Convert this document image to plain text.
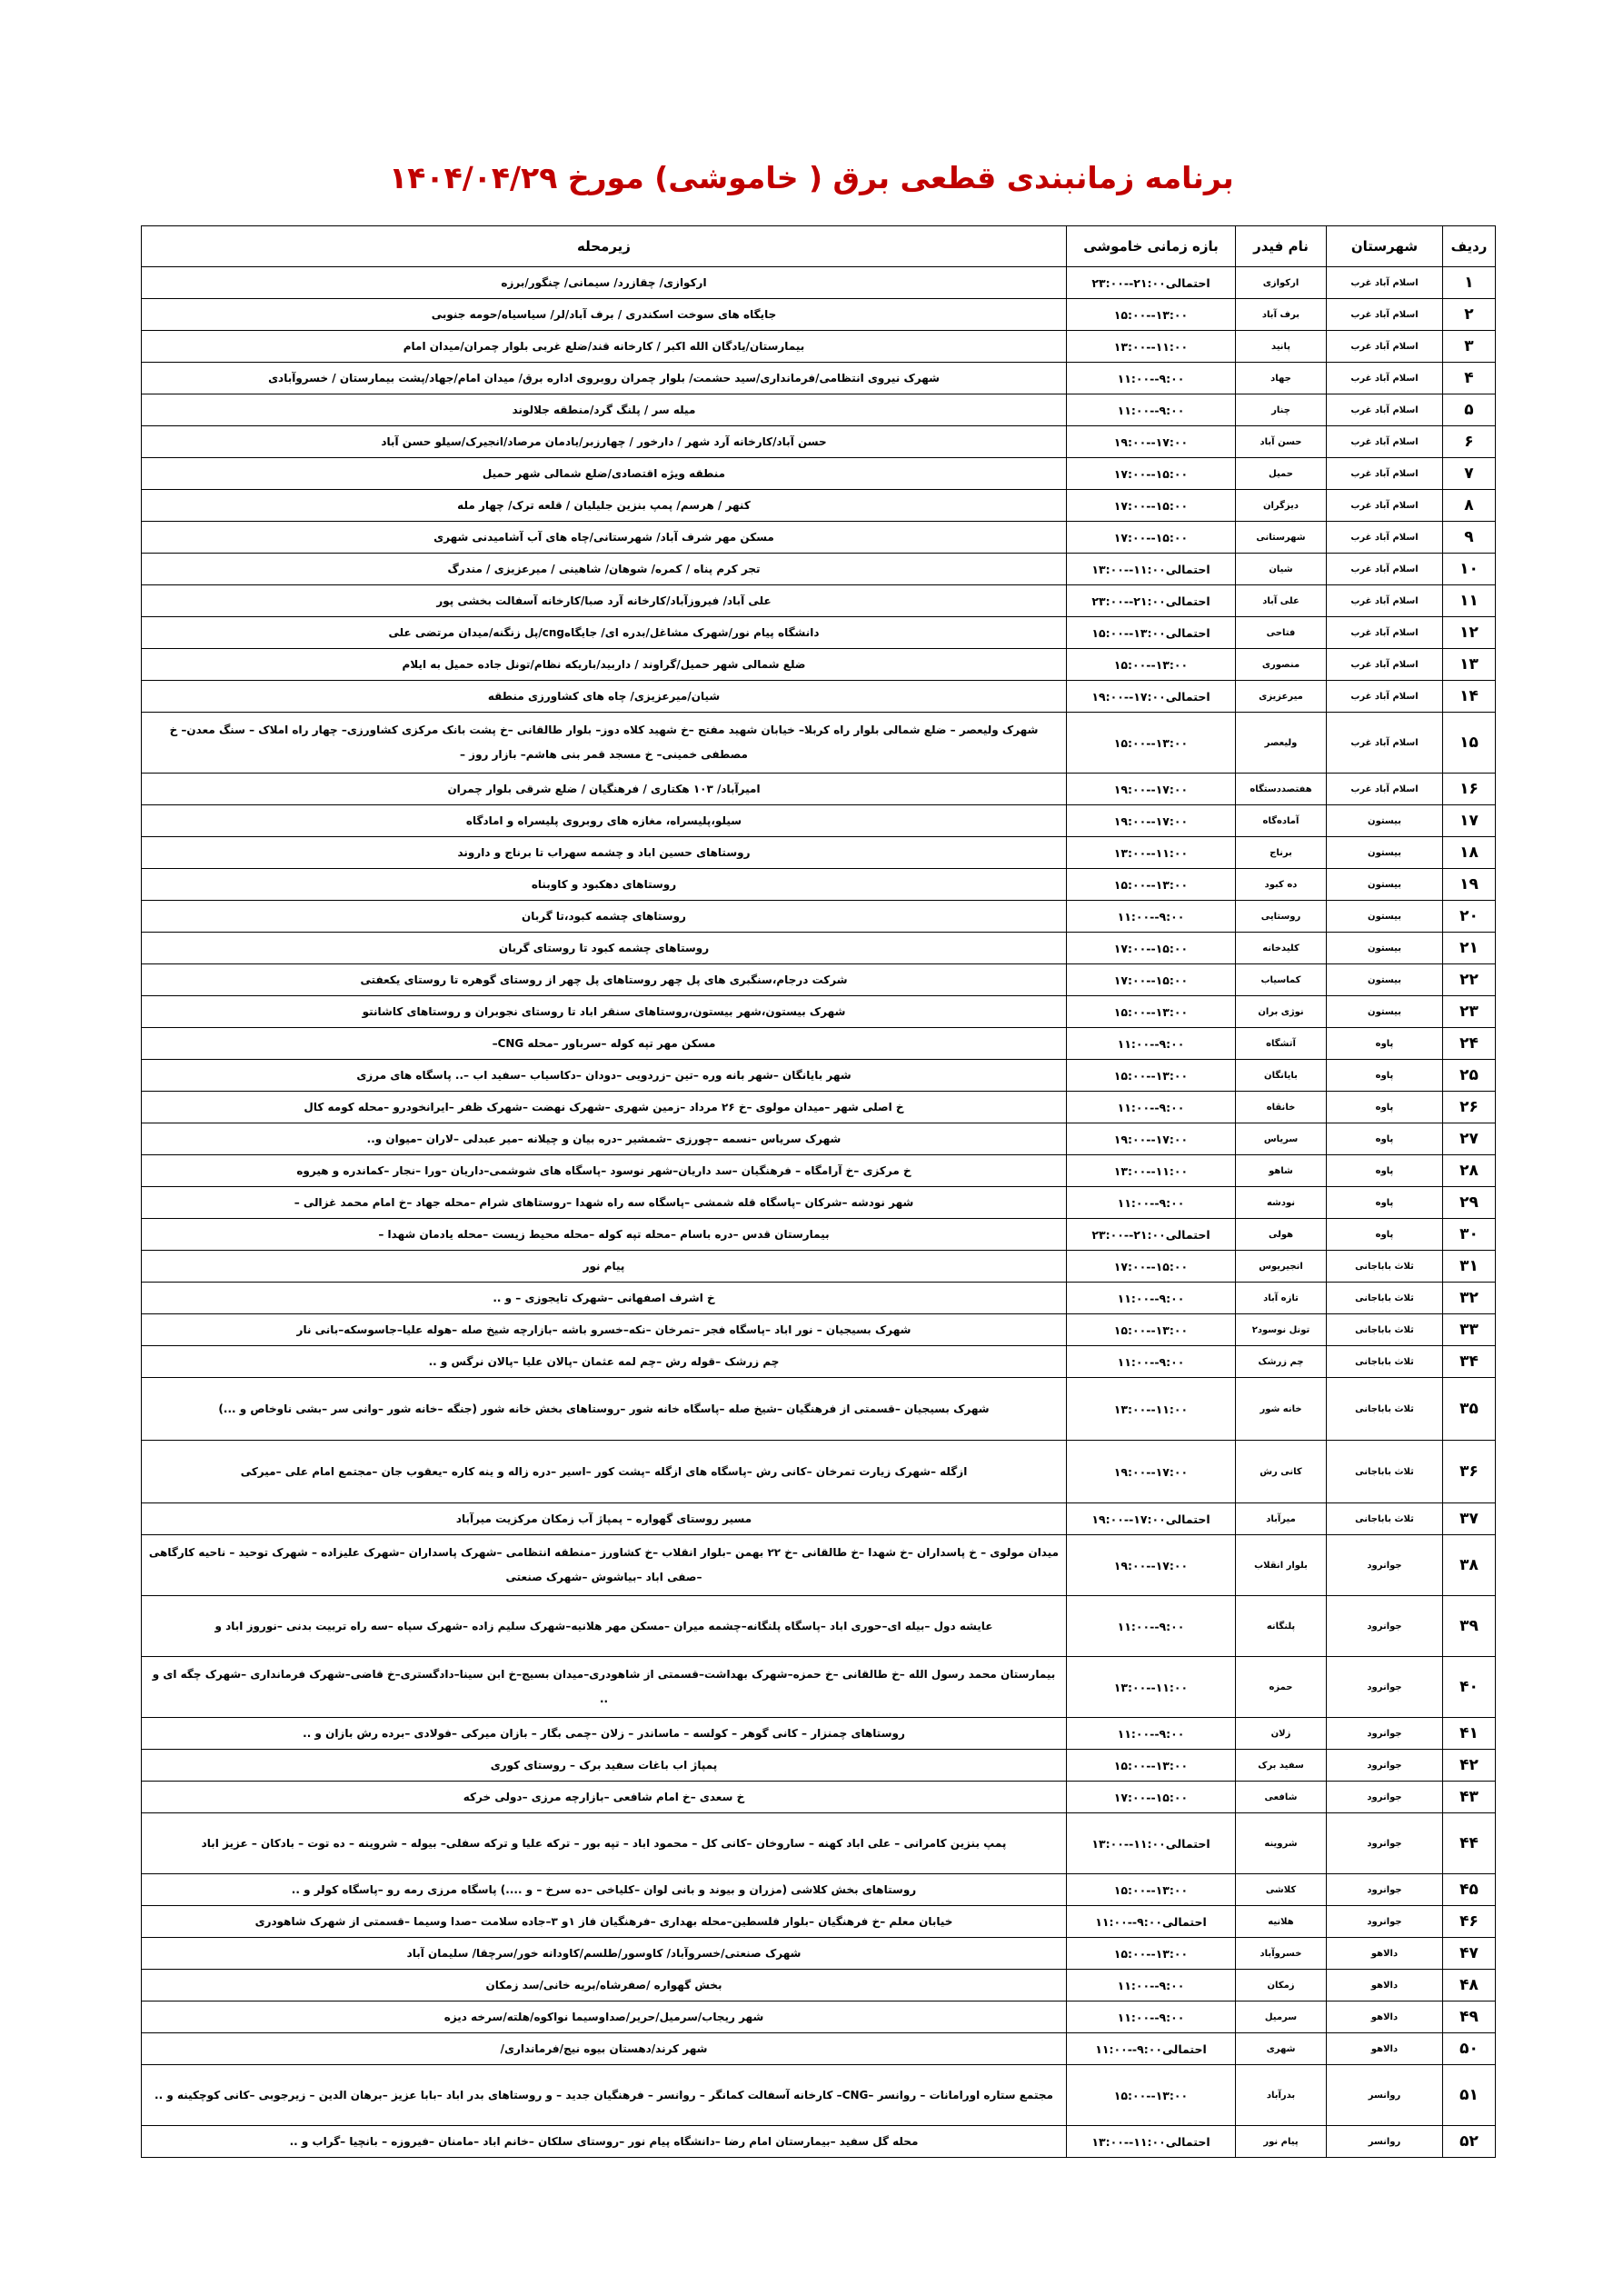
برنامه زمانبندی قطعی برق ( خاموشی) مورخ ۱۴۰۴/۰۴/۲۹
ردیف	شهرستان	نام فیدر	بازه زمانی خاموشی	زیرمحله
۱	اسلام آباد غرب	ارکوازی	۲۳:۰۰--۲۱:۰۰احتمالی	ارکوازی/ چقازرد/ سیمانی/ چنگور/برزه
۲	اسلام آباد غرب	برف آباد	۱۵:۰۰--۱۳:۰۰	جایگاه های سوخت اسکندری / برف آباد/لر/ سیاسیاه/حومه جنوبی
۳	اسلام آباد غرب	پانید	۱۳:۰۰--۱۱:۰۰	بیمارستان/یادگان الله اکبر / کارخانه قند/ضلع غربی بلوار چمران/میدان امام
۴	اسلام آباد غرب	جهاد	۱۱:۰۰--۹:۰۰	شهرک نیروی انتظامی/فرمانداری/سید حشمت/ بلوار چمران روبروی اداره برق/ میدان امام/جهاد/پشت بیمارستان / خسروآبادی
۵	اسلام آباد غرب	چنار	۱۱:۰۰--۹:۰۰	میله سر / پلنگ گرد/منطقه جلالوند
۶	اسلام آباد غرب	حسن آباد	۱۹:۰۰--۱۷:۰۰	حسن آباد/کارخانه آرد شهر / دارخور / چهارزبر/یادمان مرصاد/انجیرک/سیلو حسن آباد
۷	اسلام آباد غرب	حمیل	۱۷:۰۰--۱۵:۰۰	منطقه ویژه اقتصادی/ضلع شمالی شهر حمیل
۸	اسلام آباد غرب	دیزگران	۱۷:۰۰--۱۵:۰۰	کنهر / هرسم/ پمپ بنزین جلیلیان / قلعه ترک/ چهار مله
۹	اسلام آباد غرب	شهرستانی	۱۷:۰۰--۱۵:۰۰	مسکن مهر شرف آباد/ شهرستانی/چاه های آب آشامیدنی شهری
۱۰	اسلام آباد غرب	شیان	۱۳:۰۰--۱۱:۰۰احتمالی	تجر کرم پناه / کمره/ شوهان/ شاهینی / میرعزیزی / مندرگ
۱۱	اسلام آباد غرب	علی آباد	۲۳:۰۰--۲۱:۰۰احتمالی	علی آباد/ فیروزآباد/کارخانه آرد صبا/کارخانه آسفالت بخشی پور
۱۲	اسلام آباد غرب	فتاحی	۱۵:۰۰--۱۳:۰۰احتمالی	دانشگاه پیام نور/شهرک مشاغل/بدره ای/ جایگاهcng/پل زنگنه/میدان مرتضی علی
۱۳	اسلام آباد غرب	منصوری	۱۵:۰۰--۱۳:۰۰	ضلع شمالی شهر حمیل/گراوند / داربید/باریکه نظام/تونل جاده حمیل به ایلام
۱۴	اسلام آباد غرب	میرعزیزی	۱۹:۰۰--۱۷:۰۰احتمالی	شیان/میرعزیزی/ چاه های کشاورزی منطقه
۱۵	اسلام آباد غرب	ولیعصر	۱۵:۰۰--۱۳:۰۰	شهرک ولیعصر – ضلع شمالی بلوار راه کربلا– خیابان شهید مفتح –خ شهید کلاه دوز– بلوار طالقانی –خ پشت بانک مرکزی کشاورزی– چهار راه املاک – سنگ معدن– خ مصطفی خمینی– خ مسجد قمر بنی هاشم– بازار روز –
۱۶	اسلام آباد غرب	هفتصددستگاه	۱۹:۰۰--۱۷:۰۰	امیرآباد/ ۱۰۳ هکتاری / فرهنگیان / ضلع شرقی بلوار چمران
۱۷	بیستون	آماده‌گاه	۱۹:۰۰--۱۷:۰۰	سیلو،پلیسراه، مغازه های روبروی پلیسراه و امادگاه
۱۸	بیستون	برناج	۱۳:۰۰--۱۱:۰۰	روستاهای حسین اباد و چشمه سهراب تا برناج و داروند
۱۹	بیستون	ده کبود	۱۵:۰۰--۱۳:۰۰	روستاهای دهکبود و کاوبناه
۲۰	بیستون	روستایی	۱۱:۰۰--۹:۰۰	روستاهای چشمه کبود،تا گربان
۲۱	بیستون	کلیدخانه	۱۷:۰۰--۱۵:۰۰	روستاهای چشمه کبود تا روستای گربان
۲۲	بیستون	کماسیاب	۱۷:۰۰--۱۵:۰۰	شرکت درجام،سنگبری های پل چهر روستاهای پل چهر از روستای گوهره تا روستای یکعفتی
۲۳	بیستون	نوژی بران	۱۵:۰۰--۱۳:۰۰	شهرک بیستون،شهر بیستون،روستاهای سنقر اباد تا روستای نجوبران و روستاهای کاشانتو
۲۴	پاوه	آتشگاه	۱۱:۰۰--۹:۰۰	مسکن مهر تپه کوله –سرباور –محله CNG–
۲۵	پاوه	بایانگان	۱۵:۰۰--۱۳:۰۰	شهر بایانگان –شهر بانه وره –تین –زردویی –دودان –دکاسیاب –سفید اب –.. پاسگاه های مرزی
۲۶	پاوه	خانقاه	۱۱:۰۰--۹:۰۰	خ اصلی شهر –میدان مولوی –خ ۲۶ مرداد –زمین شهری –شهرک نهضت –شهرک ظفر –ایرانخودرو –محله کومه کال
۲۷	پاوه	سریاس	۱۹:۰۰--۱۷:۰۰	شهرک سریاس –نسمه –چورزی –شمشیر –دره بیان و چیلانه –میر عبدلی –لاران –میوان و..
۲۸	پاوه	شاهو	۱۳:۰۰--۱۱:۰۰	خ مرکزی –خ آرامگاه – فرهنگیان –سد داریان–شهر نوسود –پاسگاه های شوشمی–داریان –ورا –نجار –کماندره و هیروه
۲۹	پاوه	نودشه	۱۱:۰۰--۹:۰۰	شهر نودشه –شرکان –پاسگاه قله شمشی –پاسگاه سه راه شهدا –روستاهای شرام –محله جهاد –خ امام محمد غزالی –
۳۰	پاوه	هولی	۲۳:۰۰--۲۱:۰۰احتمالی	بیمارستان قدس –دره باسام –محله تپه کوله –محله محیط زیست –محله یادمان شهدا –
۳۱	ثلاث باباجانی	انجیریوس	۱۷:۰۰--۱۵:۰۰	پیام نور
۳۲	ثلاث باباجانی	تازه آباد	۱۱:۰۰--۹:۰۰	خ اشرف اصفهانی –شهرک تایجوزی – و ..
۳۳	ثلاث باباجانی	تونل نوسود۲	۱۵:۰۰--۱۳:۰۰	شهرک بسیجیان – نور اباد –پاسگاه فجر –تمرخان –نکه–خسرو باشه –بازارچه شیخ صله –هوله علیا–جاسوسکه–بانی نار
۳۴	ثلاث باباجانی	چم زرشک	۱۱:۰۰--۹:۰۰	چم زرشک –قوله رش –چم لمه عثمان –پالان علیا –پالان نرگس و ..
۳۵	ثلاث باباجانی	خانه شور	۱۳:۰۰--۱۱:۰۰	شهرک بسیجیان –قسمتی از فرهنگیان –شیخ صله –پاسگاه خانه شور –روستاهای بخش خانه شور (جنگه –خانه شور –وانی سر –بشی ناوخاص و ...)
۳۶	ثلاث باباجانی	کانی رش	۱۹:۰۰--۱۷:۰۰	ازگله –شهرک زیارت تمرخان –کانی رش –پاسگاه های ازگله –پشت کور –اسیر –دره زاله و ینه کاره –یعقوب جان –مجتمع امام علی –میرکی
۳۷	ثلاث باباجانی	میرآباد	۱۹:۰۰--۱۷:۰۰احتمالی	مسیر روستای گهواره – پمپاژ آب زمکان مرکزیت میرآباد
۳۸	جوانرود	بلوار انقلاب	۱۹:۰۰--۱۷:۰۰	میدان مولوی – خ پاسداران –خ شهدا –خ طالقانی –خ ۲۲ بهمن –بلوار انقلاب –خ کشاورز –منطقه انتظامی –شهرک پاسداران –شهرک علیزاده – شهرک توحید – ناحیه کارگاهی –صفی اباد –بیاشوش –شهرک صنعتی
۳۹	جوانرود	پلنگانه	۱۱:۰۰--۹:۰۰	عایشه دول –بیله ای–حوری اباد –پاسگاه پلنگانه–چشمه میران –مسکن مهر هلانیه–شهرک سلیم زاده –شهرک سپاه –سه راه تربیت بدنی –نوروز اباد و
۴۰	جوانرود	حمزه	۱۳:۰۰--۱۱:۰۰	بیمارستان محمد رسول الله –خ طالقانی –خ حمزه–شهرک بهداشت–قسمتی از شاهودری–میدان بسیج–خ ابن سینا–دادگستری–خ قاضی–شهرک فرمانداری –شهرک چگه ای و ..
۴۱	جوانرود	زلان	۱۱:۰۰--۹:۰۰	روستاهای چمنزار – کانی گوهر – کولسه – ماساندر – زلان –چمی بگار – بازان میرکی –فولادی –برده رش بازان و ..
۴۲	جوانرود	سفید برک	۱۵:۰۰--۱۳:۰۰	پمپاژ اب باغات سفید برک – روستای کوری
۴۳	جوانرود	شافعی	۱۷:۰۰--۱۵:۰۰	خ سعدی –خ امام شافعی –بازارچه مرزی –دولی خرکه
۴۴	جوانرود	شروینه	۱۳:۰۰--۱۱:۰۰احتمالی	پمپ بنزین کامرانی – علی اباد کهنه – ساروخان –کانی کل – محمود اباد – تپه بور – ترکه علیا و ترکه سفلی– بیوله – شروینه – ده توت – بادکان – عزیز اباد
۴۵	جوانرود	کلاشی	۱۵:۰۰--۱۳:۰۰	روستاهای بخش کلاشی (مزران و بیوند و بانی لوان –کلیاخی –ده سرخ – و ....) پاسگاه مرزی رمه رو –پاسگاه کولر و ..
۴۶	جوانرود	هلانیه	۱۱:۰۰--۹:۰۰احتمالی	خیابان معلم –خ فرهنگیان –بلوار فلسطین–محله بهداری –فرهنگیان فاز ۱و ۳–جاده سلامت –صدا وسیما –قسمتی از شهرک شاهودری
۴۷	دالاهو	خسروآباد	۱۵:۰۰--۱۳:۰۰	شهرک صنعتی/خسروآباد/ کاوسور/طلسم/کاودانه خور/سرچقا/ سلیمان آباد
۴۸	دالاهو	زمکان	۱۱:۰۰--۹:۰۰	بخش گهواره /صفرشاه/بریه خانی/سد زمکان
۴۹	دالاهو	سرمیل	۱۱:۰۰--۹:۰۰	شهر ریجاب/سرمیل/حریر/صداوسیما نواکوه/هلته/سرخه دیزه
۵۰	دالاهو	شهری	۱۱:۰۰--۹:۰۰احتمالی	شهر کرند/دهستان بیوه نیج/فرمانداری/
۵۱	روانسر	بدرآباد	۱۵:۰۰--۱۳:۰۰	مجتمع ستاره اورامانات – روانسر –CNG– کارخانه آسفالت کمانگر – روانسر – فرهنگیان جدید – و روستاهای بدر اباد –بابا عزیز –برهان الدین – زیرجوبی –کانی کوچکینه و ..
۵۲	روانسر	پیام نور	۱۳:۰۰--۱۱:۰۰احتمالی	محله گل سفید –بیمارستان امام رضا –دانشگاه پیام نور –روستای سلکان –خانم اباد –مامنان –فیروزه – بانچیا –گراب و ..
